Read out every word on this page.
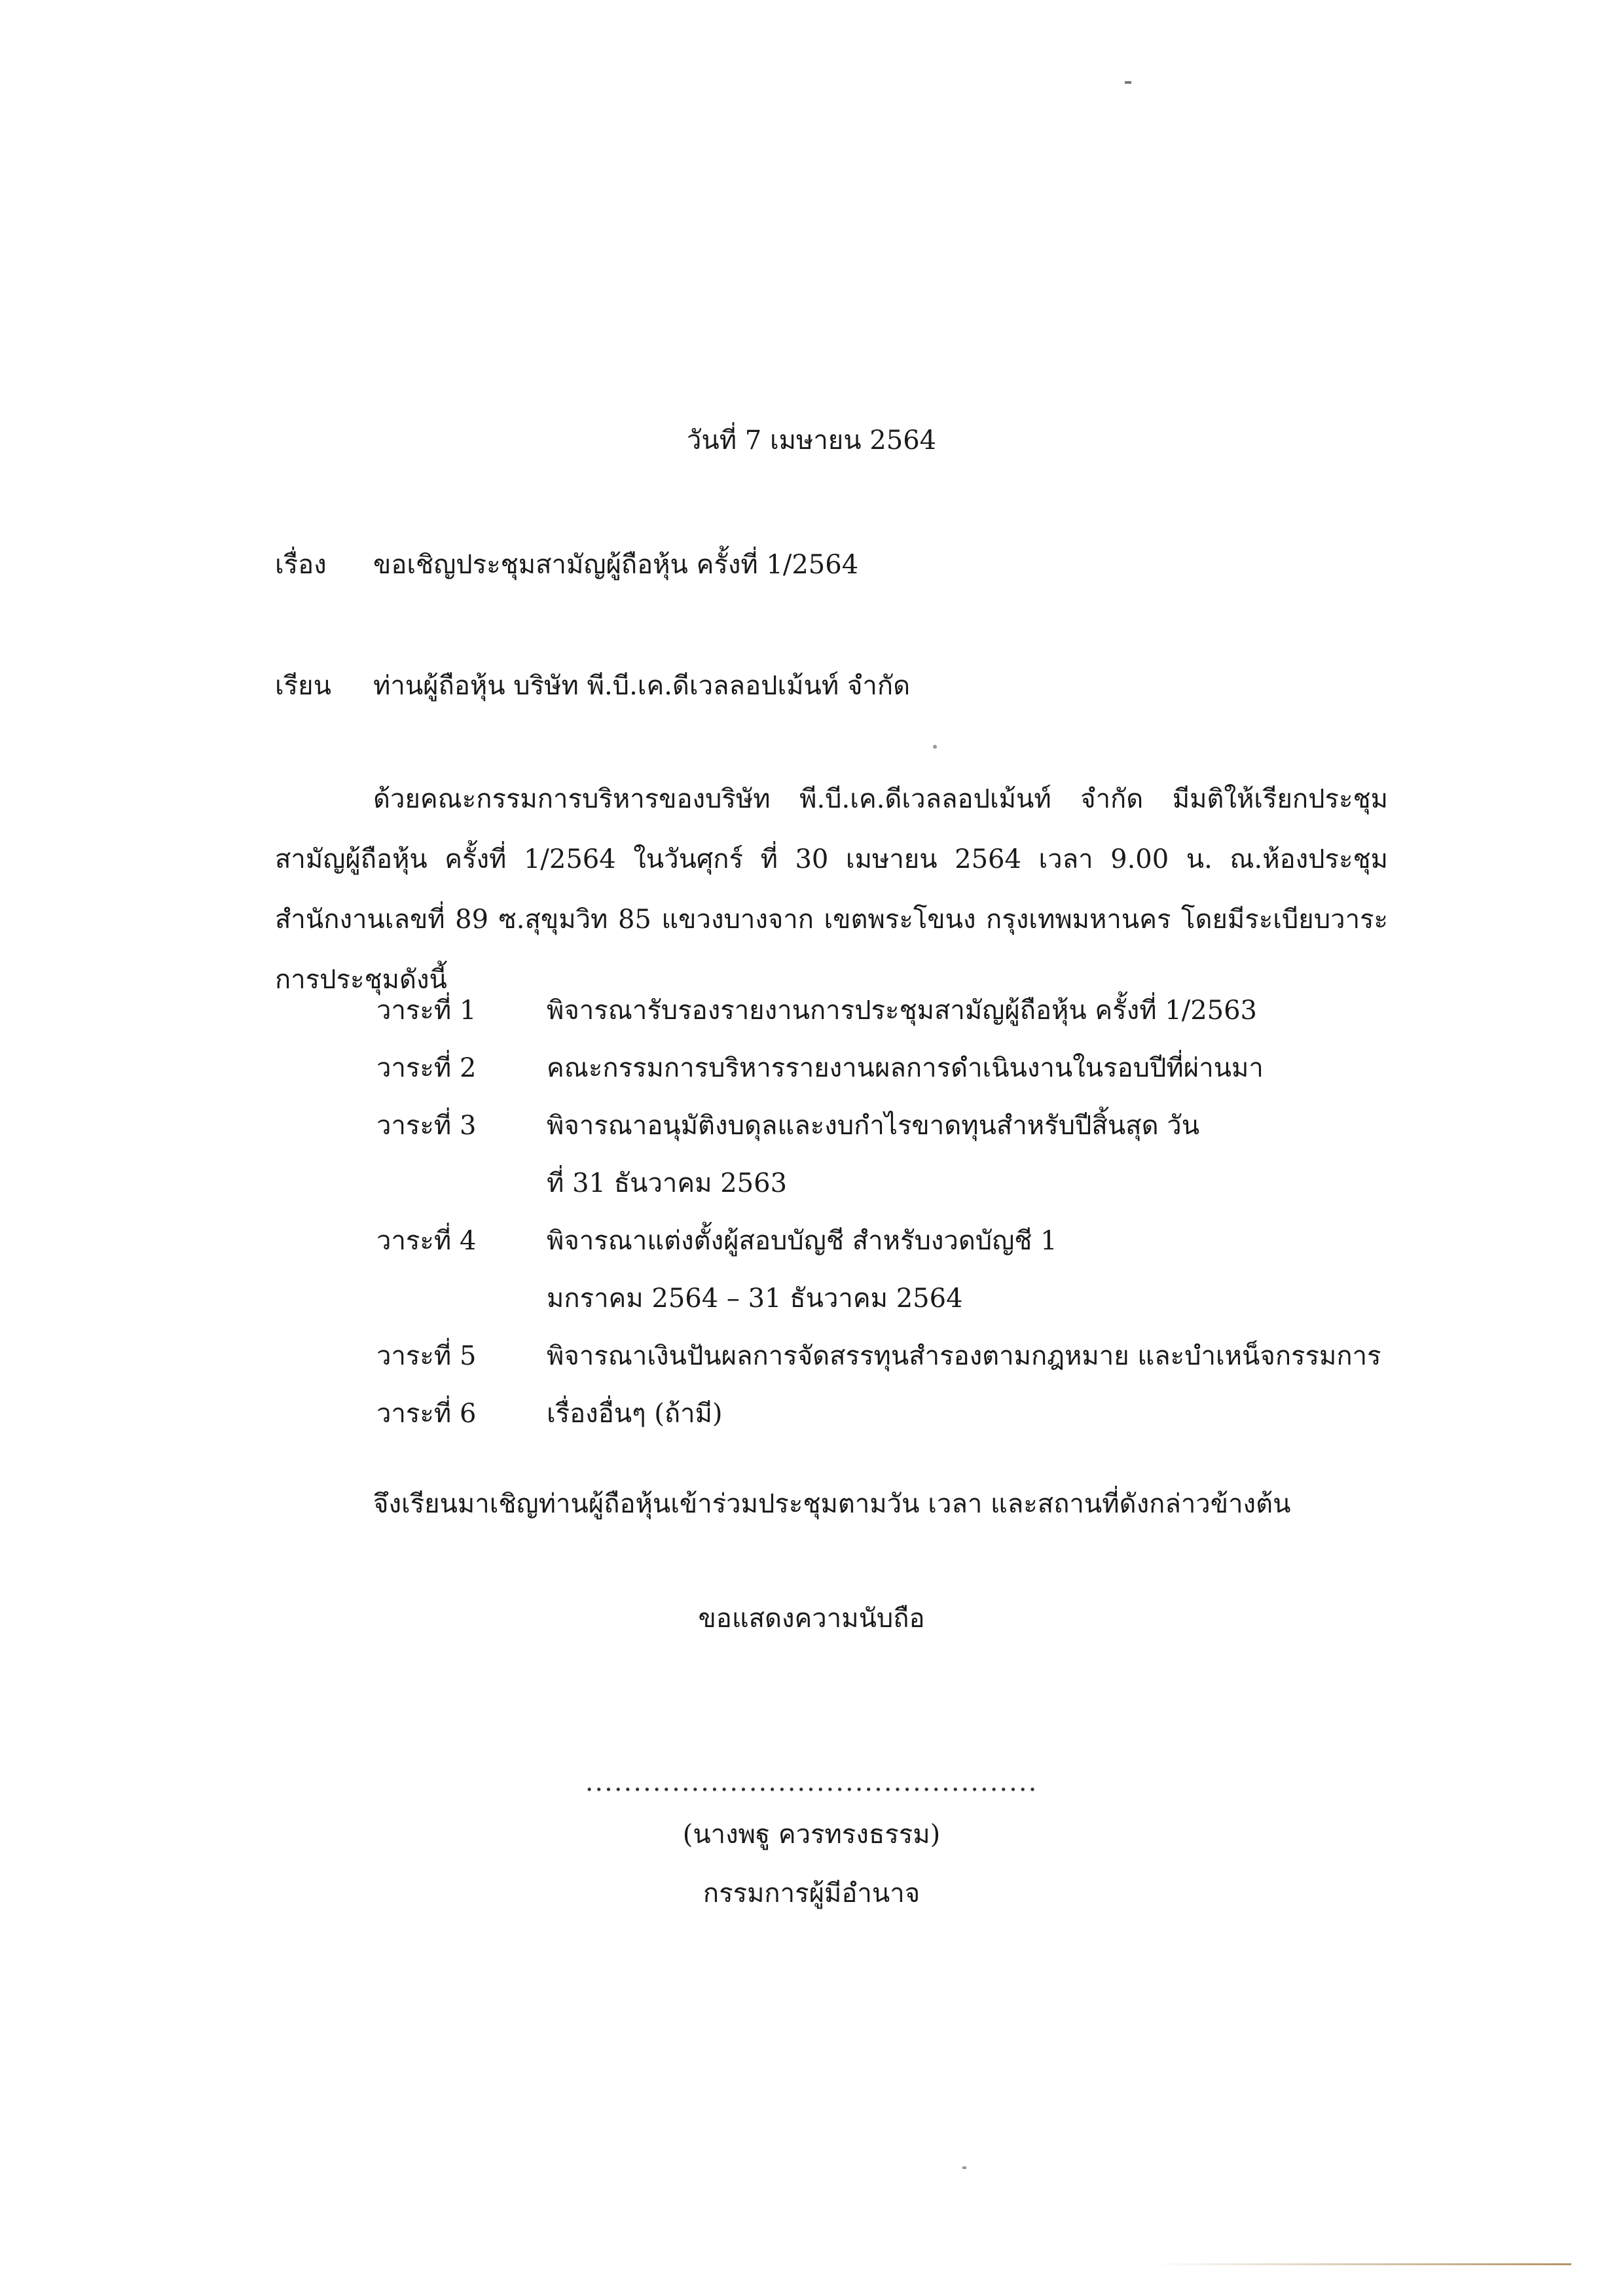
วันที่ 7 เมษายน 2564
เรื่อง ขอเชิญประชุมสามัญผู้ถือหุ้น ครั้งที่ 1/2564
เรียน ท่านผู้ถือหุ้น บริษัท พี.บี.เค.ดีเวลลอปเม้นท์ จำกัด
ด้วยคณะกรรมการบริหารของบริษัท พี.บี.เค.ดีเวลลอปเม้นท์ จำกัด มีมติให้เรียกประชุมสามัญผู้ถือหุ้น ครั้งที่ 1/2564 ในวันศุกร์ ที่ 30 เมษายน 2564 เวลา 9.00 น. ณ.ห้องประชุม สำนักงานเลขที่ 89 ซ.สุขุมวิท 85 แขวงบางจาก เขตพระโขนง กรุงเทพมหานคร โดยมีระเบียบวาระการประชุมดังนี้
วาระที่ 1	พิจารณารับรองรายงานการประชุมสามัญผู้ถือหุ้น ครั้งที่ 1/2563
วาระที่ 2	คณะกรรมการบริหารรายงานผลการดำเนินงานในรอบปีที่ผ่านมา
วาระที่ 3	พิจารณาอนุมัติงบดุลและงบกำไรขาดทุนสำหรับปีสิ้นสุด วันที่ 31 ธันวาคม 2563
วาระที่ 4	พิจารณาแต่งตั้งผู้สอบบัญชี สำหรับงวดบัญชี 1 มกราคม 2564 – 31 ธันวาคม 2564
วาระที่ 5	พิจารณาเงินปันผลการจัดสรรทุนสำรองตามกฎหมาย และบำเหน็จกรรมการ
วาระที่ 6	เรื่องอื่นๆ (ถ้ามี)
จึงเรียนมาเชิญท่านผู้ถือหุ้นเข้าร่วมประชุมตามวัน เวลา และสถานที่ดังกล่าวข้างต้น
ขอแสดงความนับถือ
...............................................
(นางพฐู ควรทรงธรรม)
กรรมการผู้มีอำนาจ
